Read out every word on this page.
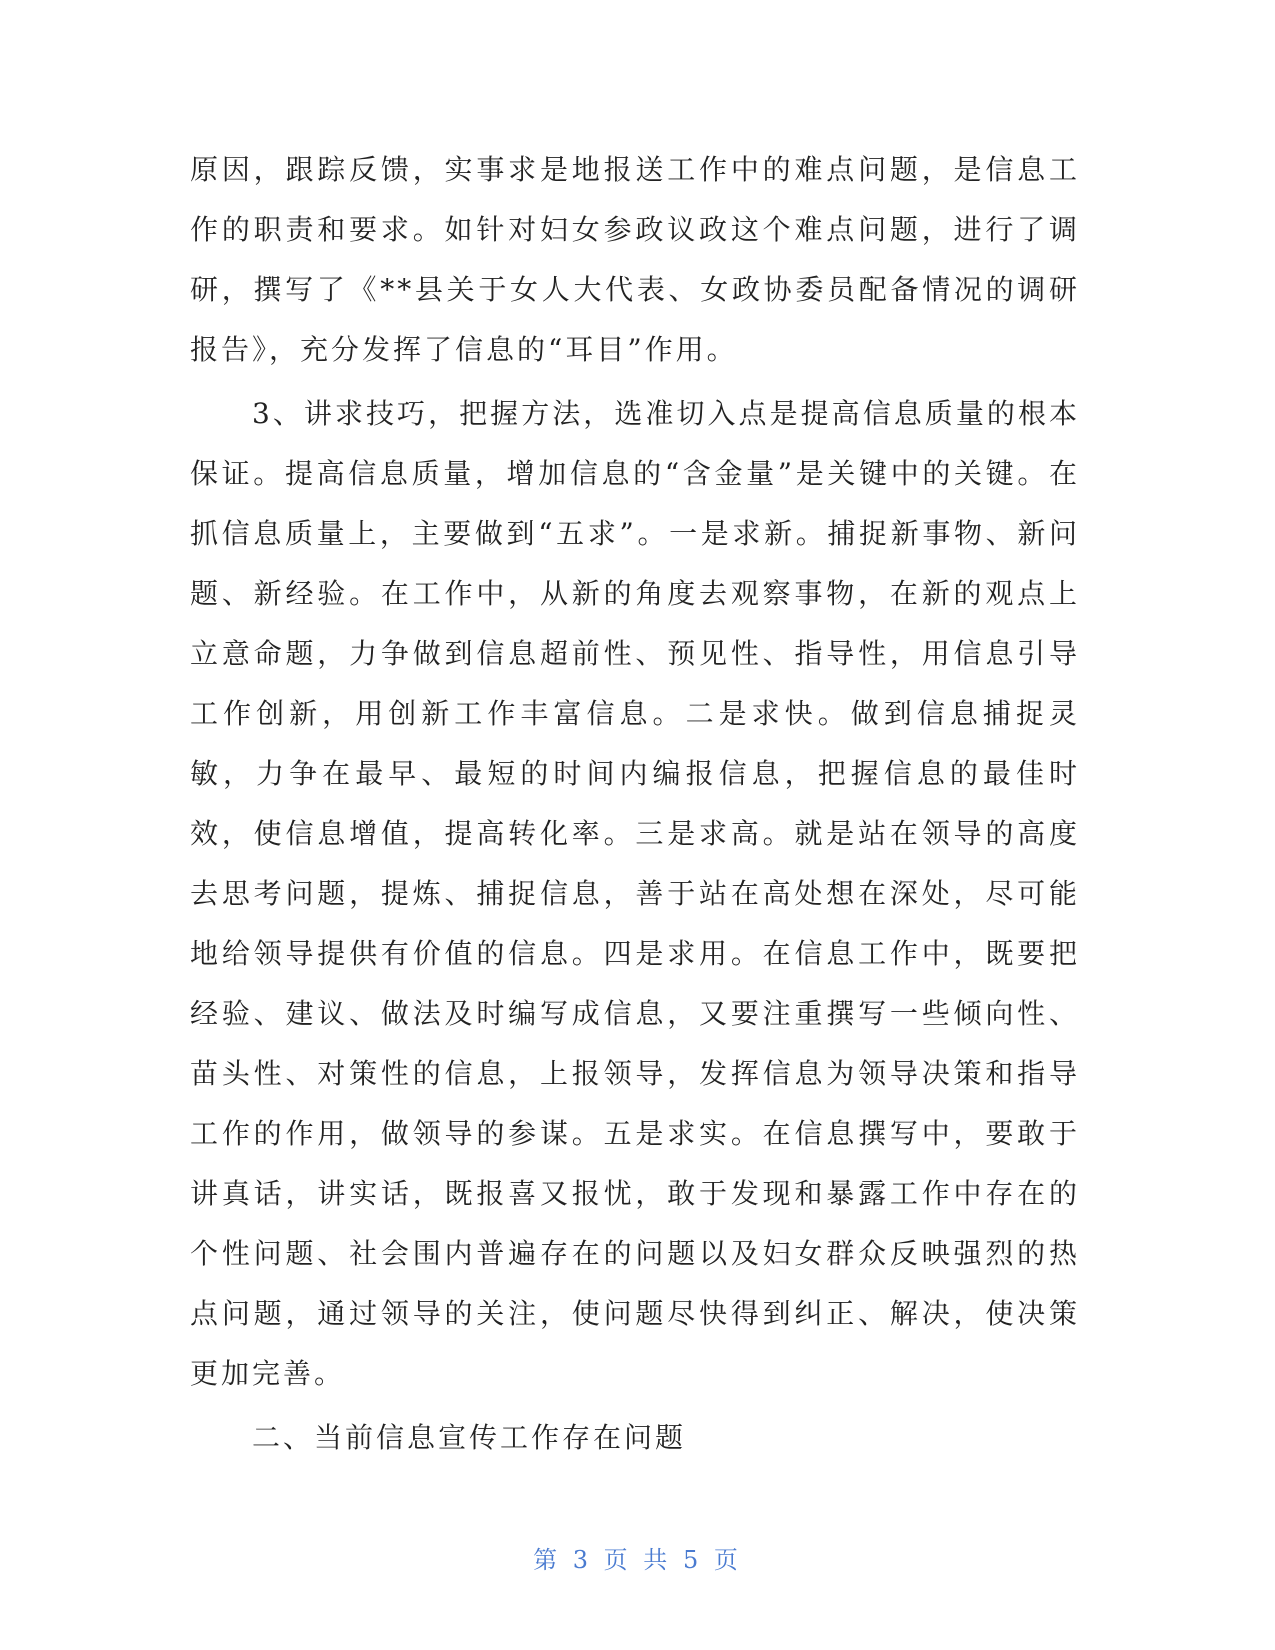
原因，跟踪反馈，实事求是地报送工作中的难点问题，是信息工作的职责和要求。如针对妇女参政议政这个难点问题，进行了调研，撰写了《**县关于女人大代表、女政协委员配备情况的调研报告》，充分发挥了信息的“耳目”作用。

3、讲求技巧，把握方法，选准切入点是提高信息质量的根本保证。提高信息质量，增加信息的“含金量”是关键中的关键。在抓信息质量上，主要做到“五求”。一是求新。捕捉新事物、新问题、新经验。在工作中，从新的角度去观察事物，在新的观点上立意命题，力争做到信息超前性、预见性、指导性，用信息引导工作创新，用创新工作丰富信息。二是求快。做到信息捕捉灵敏，力争在最早、最短的时间内编报信息，把握信息的最佳时效，使信息增值，提高转化率。三是求高。就是站在领导的高度去思考问题，提炼、捕捉信息，善于站在高处想在深处，尽可能地给领导提供有价值的信息。四是求用。在信息工作中，既要把经验、建议、做法及时编写成信息，又要注重撰写一些倾向性、苗头性、对策性的信息，上报领导，发挥信息为领导决策和指导工作的作用，做领导的参谋。五是求实。在信息撰写中，要敢于讲真话，讲实话，既报喜又报忧，敢于发现和暴露工作中存在的个性问题、社会围内普遍存在的问题以及妇女群众反映强烈的热点问题，通过领导的关注，使问题尽快得到纠正、解决，使决策更加完善。

二、当前信息宣传工作存在问题

第 3 页 共 5 页
